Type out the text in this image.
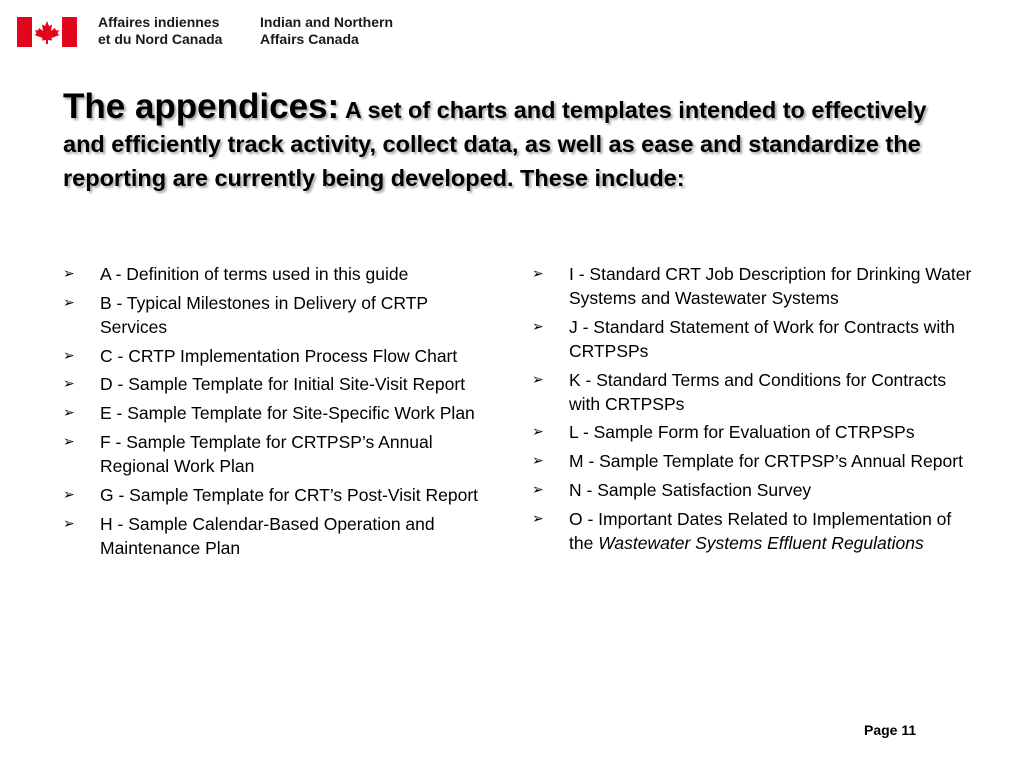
Affaires indiennes
et du Nord Canada
Indian and Northern
Affairs Canada
The appendices: A set of charts and templates intended to effectively and efficiently track activity, collect data, as well as ease and standardize the reporting are currently being developed. These include:
➢ A - Definition of terms used in this guide
➢ B - Typical Milestones in Delivery of CRTP Services
➢ C - CRTP Implementation Process Flow Chart
➢ D - Sample Template for Initial Site-Visit Report
➢ E - Sample Template for Site-Specific Work Plan
➢ F - Sample Template for CRTPSP’s Annual Regional Work Plan
➢ G - Sample Template for CRT’s Post-Visit Report
➢ H - Sample Calendar-Based Operation and Maintenance Plan
➢ I - Standard CRT Job Description for Drinking Water Systems and Wastewater Systems
➢ J - Standard Statement of Work for Contracts with CRTPSPs
➢ K - Standard Terms and Conditions for Contracts with CRTPSPs
➢ L - Sample Form for Evaluation of CTRPSPs
➢ M - Sample Template for CRTPSP’s Annual Report
➢ N - Sample Satisfaction Survey
➢ O - Important Dates Related to Implementation of the Wastewater Systems Effluent Regulations
Page 11
